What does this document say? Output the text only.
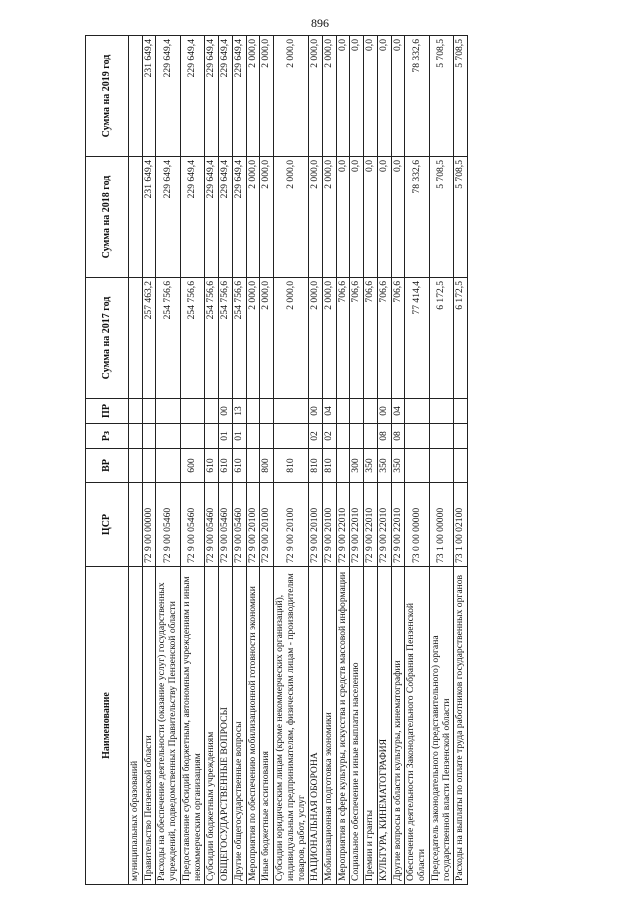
896
Наименование	ЦСР	ВР	Рз	ПР	Сумма на 2017 год	Сумма на 2018 год	Сумма на 2019 год
муниципальных образований							
Правительство Пензенской области	72 9 00 00000				257 463,2	231 649,4	231 649,4
Расходы на обеспечение деятельности (оказание услуг) государственных учреждений, подведомственных Правительству Пензенской области	72 9 00 05460				254 756,6	229 649,4	229 649,4
Предоставление субсидий бюджетным, автономным учреждениям и иным некоммерческим организациям	72 9 00 05460	600			254 756,6	229 649,4	229 649,4
Субсидии бюджетным учреждениям	72 9 00 05460	610			254 756,6	229 649,4	229 649,4
ОБЩЕГОСУДАРСТВЕННЫЕ ВОПРОСЫ	72 9 00 05460	610	01	00	254 756,6	229 649,4	229 649,4
Другие общегосударственные вопросы	72 9 00 05460	610	01	13	254 756,6	229 649,4	229 649,4
Мероприятия по обеспечению мобилизационной готовности экономики	72 9 00 20100				2 000,0	2 000,0	2 000,0
Иные бюджетные ассигнования	72 9 00 20100	800			2 000,0	2 000,0	2 000,0
Субсидии юридическим лицам (кроме некоммерческих организаций), индивидуальным предпринимателям, физическим лицам - производителям товаров, работ, услуг	72 9 00 20100	810			2 000,0	2 000,0	2 000,0
НАЦИОНАЛЬНАЯ ОБОРОНА	72 9 00 20100	810	02	00	2 000,0	2 000,0	2 000,0
Мобилизационная подготовка экономики	72 9 00 20100	810	02	04	2 000,0	2 000,0	2 000,0
Мероприятия в сфере культуры, искусства и средств массовой информации	72 9 00 22010				706,6	0,0	0,0
Социальное обеспечение и иные выплаты населению	72 9 00 22010	300			706,6	0,0	0,0
Премии и гранты	72 9 00 22010	350			706,6	0,0	0,0
КУЛЬТУРА, КИНЕМАТОГРАФИЯ	72 9 00 22010	350	08	00	706,6	0,0	0,0
Другие вопросы в области культуры, кинематографии	72 9 00 22010	350	08	04	706,6	0,0	0,0
Обеспечение деятельности Законодательного Собрания Пензенской области	73 0 00 00000				77 414,4	78 332,6	78 332,6
Председатель законодательного (представительного) органа государственной власти Пензенской области	73 1 00 00000				6 172,5	5 708,5	5 708,5
Расходы на выплаты по оплате труда работников государственных органов	73 1 00 02100				6 172,5	5 708,5	5 708,5
